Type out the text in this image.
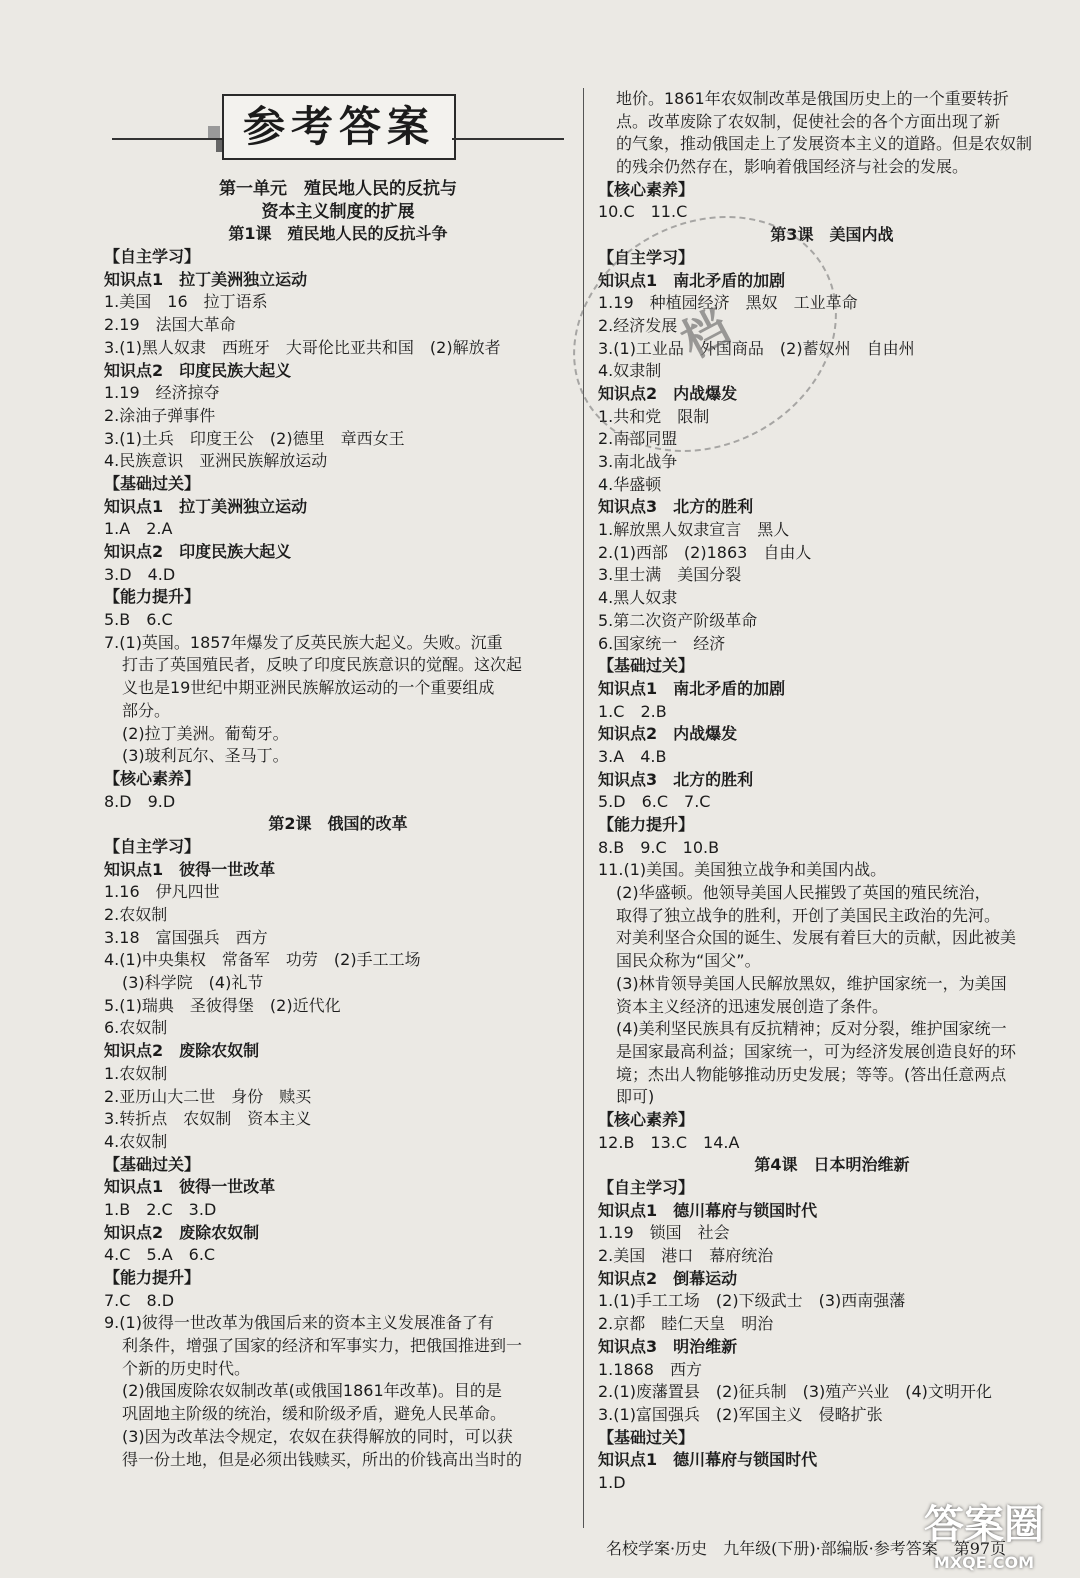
参考答案
第一单元　殖民地人民的反抗与
资本主义制度的扩展
第1课　殖民地人民的反抗斗争
【自主学习】
知识点1　拉丁美洲独立运动
1.美国　16　拉丁语系
2.19　法国大革命
3.(1)黑人奴隶　西班牙　大哥伦比亚共和国　(2)解放者
知识点2　印度民族大起义
1.19　经济掠夺
2.涂油子弹事件
3.(1)土兵　印度王公　(2)德里　章西女王
4.民族意识　亚洲民族解放运动
【基础过关】
知识点1　拉丁美洲独立运动
1.A　2.A
知识点2　印度民族大起义
3.D　4.D
【能力提升】
5.B　6.C
7.(1)英国。1857年爆发了反英民族大起义。失败。沉重
打击了英国殖民者，反映了印度民族意识的觉醒。这次起
义也是19世纪中期亚洲民族解放运动的一个重要组成
部分。
(2)拉丁美洲。葡萄牙。
(3)玻利瓦尔、圣马丁。
【核心素养】
8.D　9.D
第2课　俄国的改革
【自主学习】
知识点1　彼得一世改革
1.16　伊凡四世
2.农奴制
3.18　富国强兵　西方
4.(1)中央集权　常备军　功劳　(2)手工工场
(3)科学院　(4)礼节
5.(1)瑞典　圣彼得堡　(2)近代化
6.农奴制
知识点2　废除农奴制
1.农奴制
2.亚历山大二世　身份　赎买
3.转折点　农奴制　资本主义
4.农奴制
【基础过关】
知识点1　彼得一世改革
1.B　2.C　3.D
知识点2　废除农奴制
4.C　5.A　6.C
【能力提升】
7.C　8.D
9.(1)彼得一世改革为俄国后来的资本主义发展准备了有
利条件，增强了国家的经济和军事实力，把俄国推进到一
个新的历史时代。
(2)俄国废除农奴制改革(或俄国1861年改革)。目的是
巩固地主阶级的统治，缓和阶级矛盾，避免人民革命。
(3)因为改革法令规定，农奴在获得解放的同时，可以获
得一份土地，但是必须出钱赎买，所出的价钱高出当时的
地价。1861年农奴制改革是俄国历史上的一个重要转折
点。改革废除了农奴制，促使社会的各个方面出现了新
的气象，推动俄国走上了发展资本主义的道路。但是农奴制
的残余仍然存在，影响着俄国经济与社会的发展。
【核心素养】
10.C　11.C
第3课　美国内战
【自主学习】
知识点1　南北矛盾的加剧
1.19　种植园经济　黑奴　工业革命
2.经济发展
3.(1)工业品　外国商品　(2)蓄奴州　自由州
4.奴隶制
知识点2　内战爆发
1.共和党　限制
2.南部同盟
3.南北战争
4.华盛顿
知识点3　北方的胜利
1.解放黑人奴隶宣言　黑人
2.(1)西部　(2)1863　自由人
3.里士满　美国分裂
4.黑人奴隶
5.第二次资产阶级革命
6.国家统一　经济
【基础过关】
知识点1　南北矛盾的加剧
1.C　2.B
知识点2　内战爆发
3.A　4.B
知识点3　北方的胜利
5.D　6.C　7.C
【能力提升】
8.B　9.C　10.B
11.(1)美国。美国独立战争和美国内战。
(2)华盛顿。他领导美国人民摧毁了英国的殖民统治，
取得了独立战争的胜利，开创了美国民主政治的先河。
对美利坚合众国的诞生、发展有着巨大的贡献，因此被美
国民众称为“国父”。
(3)林肯领导美国人民解放黑奴，维护国家统一，为美国
资本主义经济的迅速发展创造了条件。
(4)美利坚民族具有反抗精神；反对分裂，维护国家统一
是国家最高利益；国家统一，可为经济发展创造良好的环
境；杰出人物能够推动历史发展；等等。(答出任意两点
即可)
【核心素养】
12.B　13.C　14.A
第4课　日本明治维新
【自主学习】
知识点1　德川幕府与锁国时代
1.19　锁国　社会
2.美国　港口　幕府统治
知识点2　倒幕运动
1.(1)手工工场　(2)下级武士　(3)西南强藩
2.京都　睦仁天皇　明治
知识点3　明治维新
1.1868　西方
2.(1)废藩置县　(2)征兵制　(3)殖产兴业　(4)文明开化
3.(1)富国强兵　(2)军国主义　侵略扩张
【基础过关】
知识点1　德川幕府与锁国时代
1.D
档
名校学案·历史　九年级(下册)·部编版·参考答案　第97页
答案圈
MXQE.COM
